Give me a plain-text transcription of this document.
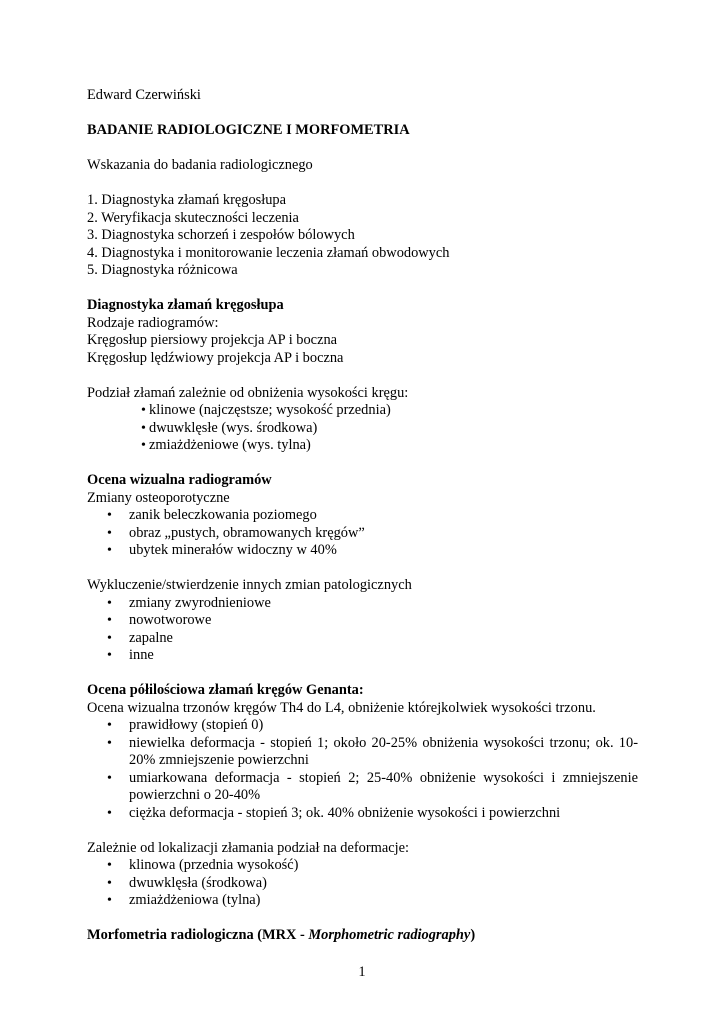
Edward Czerwiński

BADANIE RADIOLOGICZNE I MORFOMETRIA

Wskazania do badania radiologicznego

1. Diagnostyka złamań kręgosłupa

2. Weryfikacja skuteczności leczenia

3. Diagnostyka schorzeń i zespołów bólowych

4. Diagnostyka i monitorowanie leczenia złamań obwodowych

5. Diagnostyka różnicowa

Diagnostyka złamań kręgosłupa

Rodzaje radiogramów:

Kręgosłup piersiowy projekcja AP i boczna

Kręgosłup lędźwiowy projekcja AP i boczna

Podział złamań zależnie od obniżenia wysokości kręgu:

• klinowe (najczęstsze; wysokość przednia)
• dwuwklęsłe (wys. środkowa)
• zmiażdżeniowe (wys. tylna)

Ocena wizualna radiogramów

Zmiany osteoporotyczne

• zanik beleczkowania poziomego
• obraz „pustych, obramowanych kręgów”
• ubytek minerałów widoczny w 40%

Wykluczenie/stwierdzenie innych zmian patologicznych

• zmiany zwyrodnieniowe
• nowotworowe
• zapalne
• inne

Ocena półilościowa złamań kręgów Genanta:

Ocena wizualna trzonów kręgów Th4 do L4, obniżenie którejkolwiek wysokości trzonu.

• prawidłowy (stopień 0)
• niewielka deformacja - stopień 1; około 20-25% obniżenia wysokości trzonu; ok. 10-20% zmniejszenie powierzchni
• umiarkowana deformacja - stopień 2; 25-40% obniżenie wysokości i zmniejszenie powierzchni o 20-40%
• ciężka deformacja - stopień 3; ok. 40% obniżenie wysokości i powierzchni

Zależnie od lokalizacji złamania podział na deformacje:

• klinowa (przednia wysokość)
• dwuwklęsła (środkowa)
• zmiażdżeniowa (tylna)

Morfometria radiologiczna (MRX - Morphometric radiography)

1
